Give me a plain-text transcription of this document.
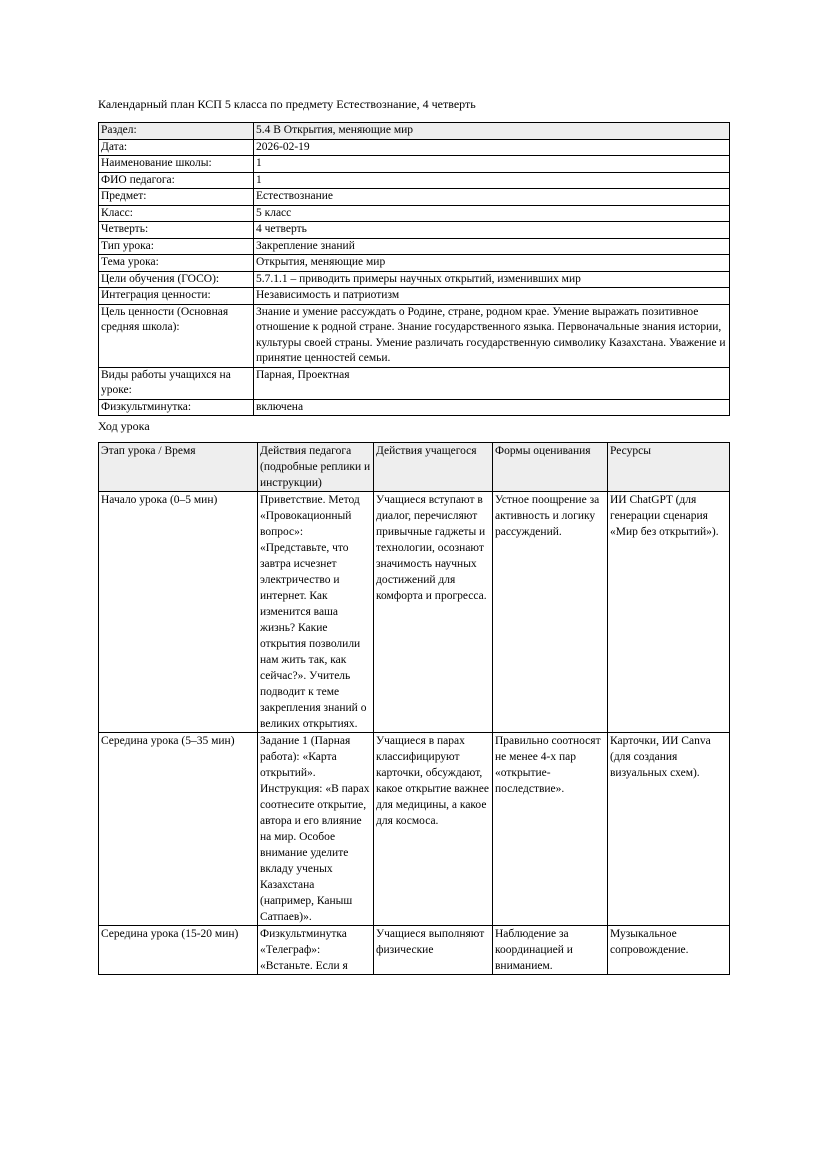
Календарный план КСП 5 класса по предмету Естествознание, 4 четверть

Раздел:	5.4 В Открытия, меняющие мир
Дата:	2026-02-19
Наименование школы:	1
ФИО педагога:	1
Предмет:	Естествознание
Класс:	5 класс
Четверть:	4 четверть
Тип урока:	Закрепление знаний
Тема урока:	Открытия, меняющие мир
Цели обучения (ГОСО):	5.7.1.1 – приводить примеры научных открытий, изменивших мир
Интеграция ценности:	Независимость и патриотизм
Цель ценности (Основная средняя школа):	Знание и умение рассуждать о Родине, стране, родном крае. Умение выражать позитивное отношение к родной стране. Знание государственного языка. Первоначальные знания истории, культуры своей страны. Умение различать государственную символику Казахстана. Уважение и принятие ценностей семьи.
Виды работы учащихся на уроке:	Парная, Проектная
Физкультминутка:	включена

Ход урока

Этап урока / Время	Действия педагога (подробные реплики и инструкции)	Действия учащегося	Формы оценивания	Ресурсы
Начало урока (0–5 мин)	Приветствие. Метод «Провокационный вопрос»: «Представьте, что завтра исчезнет электричество и интернет. Как изменится ваша жизнь? Какие открытия позволили нам жить так, как сейчас?». Учитель подводит к теме закрепления знаний о великих открытиях.	Учащиеся вступают в диалог, перечисляют привычные гаджеты и технологии, осознают значимость научных достижений для комфорта и прогресса.	Устное поощрение за активность и логику рассуждений.	ИИ ChatGPT (для генерации сценария «Мир без открытий»).
Середина урока (5–35 мин)	Задание 1 (Парная работа): «Карта открытий». Инструкция: «В парах соотнесите открытие, автора и его влияние на мир. Особое внимание уделите вкладу ученых Казахстана (например, Каныш Сатпаев)».	Учащиеся в парах классифицируют карточки, обсуждают, какое открытие важнее для медицины, а какое для космоса.	Правильно соотносят не менее 4-х пар «открытие-последствие».	Карточки, ИИ Canva (для создания визуальных схем).
Середина урока (15-20 мин)	Физкультминутка «Телеграф»: «Встаньте. Если я	Учащиеся выполняют физические	Наблюдение за координацией и вниманием.	Музыкальное сопровождение.
